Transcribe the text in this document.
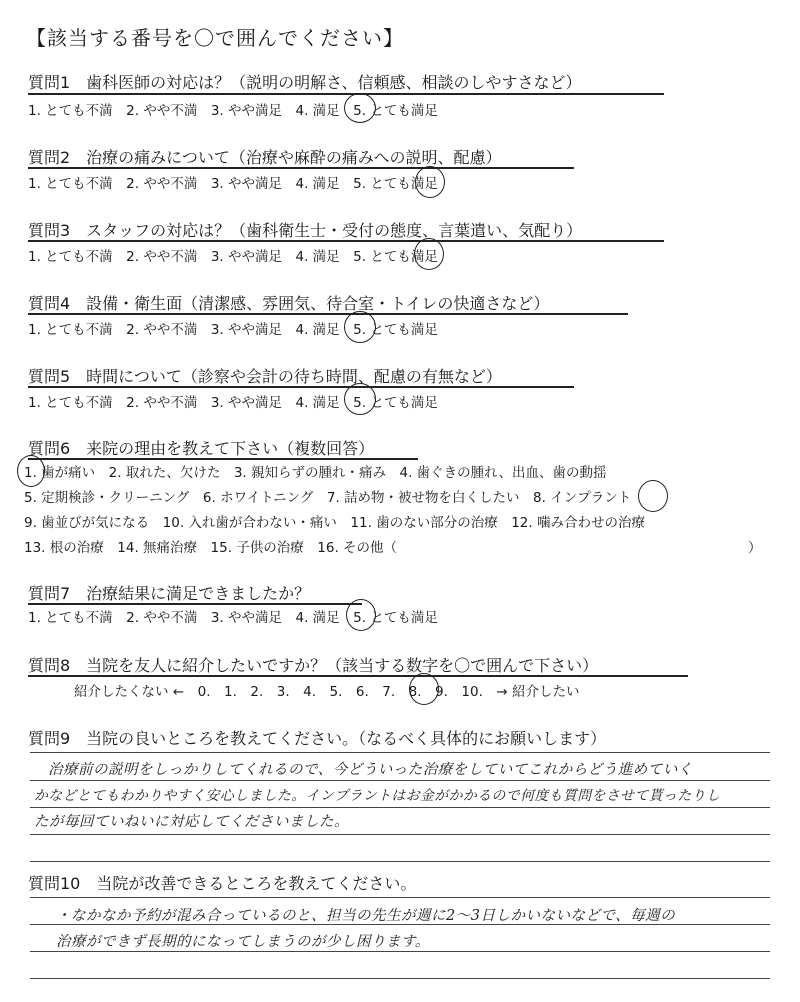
【該当する番号を〇で囲んでください】
質問1　歯科医師の対応は？（説明の明解さ、信頼感、相談のしやすさなど）
1. とても不満　2. やや不満　3. やや満足　4. 満足　5. とても満足
質問2　治療の痛みについて（治療や麻酔の痛みへの説明、配慮）
1. とても不満　2. やや不満　3. やや満足　4. 満足　5. とても満足
質問3　スタッフの対応は？（歯科衛生士・受付の態度、言葉遣い、気配り）
1. とても不満　2. やや不満　3. やや満足　4. 満足　5. とても満足
質問4　設備・衛生面（清潔感、雰囲気、待合室・トイレの快適さなど）
1. とても不満　2. やや不満　3. やや満足　4. 満足　5. とても満足
質問5　時間について（診察や会計の待ち時間、配慮の有無など）
1. とても不満　2. やや不満　3. やや満足　4. 満足　5. とても満足
質問6　来院の理由を教えて下さい（複数回答）
1. 歯が痛い　2. 取れた、欠けた　3. 親知らずの腫れ・痛み　4. 歯ぐきの腫れ、出血、歯の動揺
5. 定期検診・クリーニング　6. ホワイトニング　7. 詰め物・被せ物を白くしたい　8. インプラント
9. 歯並びが気になる　10. 入れ歯が合わない・痛い　11. 歯のない部分の治療　12. 噛み合わせの治療
13. 根の治療　14. 無痛治療　15. 子供の治療　16. その他（	）
質問7　治療結果に満足できましたか？
1. とても不満　2. やや不満　3. やや満足　4. 満足　5. とても満足
質問8　当院を友人に紹介したいですか？（該当する数字を〇で囲んで下さい）
紹介したくない ←　0.　1.　2.　3.　4.　5.　6.　7.　8.　9.　10.　→ 紹介したい
質問9　当院の良いところを教えてください。（なるべく具体的にお願いします）
治療前の説明をしっかりしてくれるので、今どういった治療をしていてこれからどう進めていく
かなどとてもわかりやすく安心しました。インプラントはお金がかかるので何度も質問をさせて貰ったりし
たが毎回ていねいに対応してくださいました。
質問10　当院が改善できるところを教えてください。
・なかなか予約が混み合っているのと、担当の先生が週に2〜3日しかいないなどで、毎週の
治療ができず長期的になってしまうのが少し困ります。
